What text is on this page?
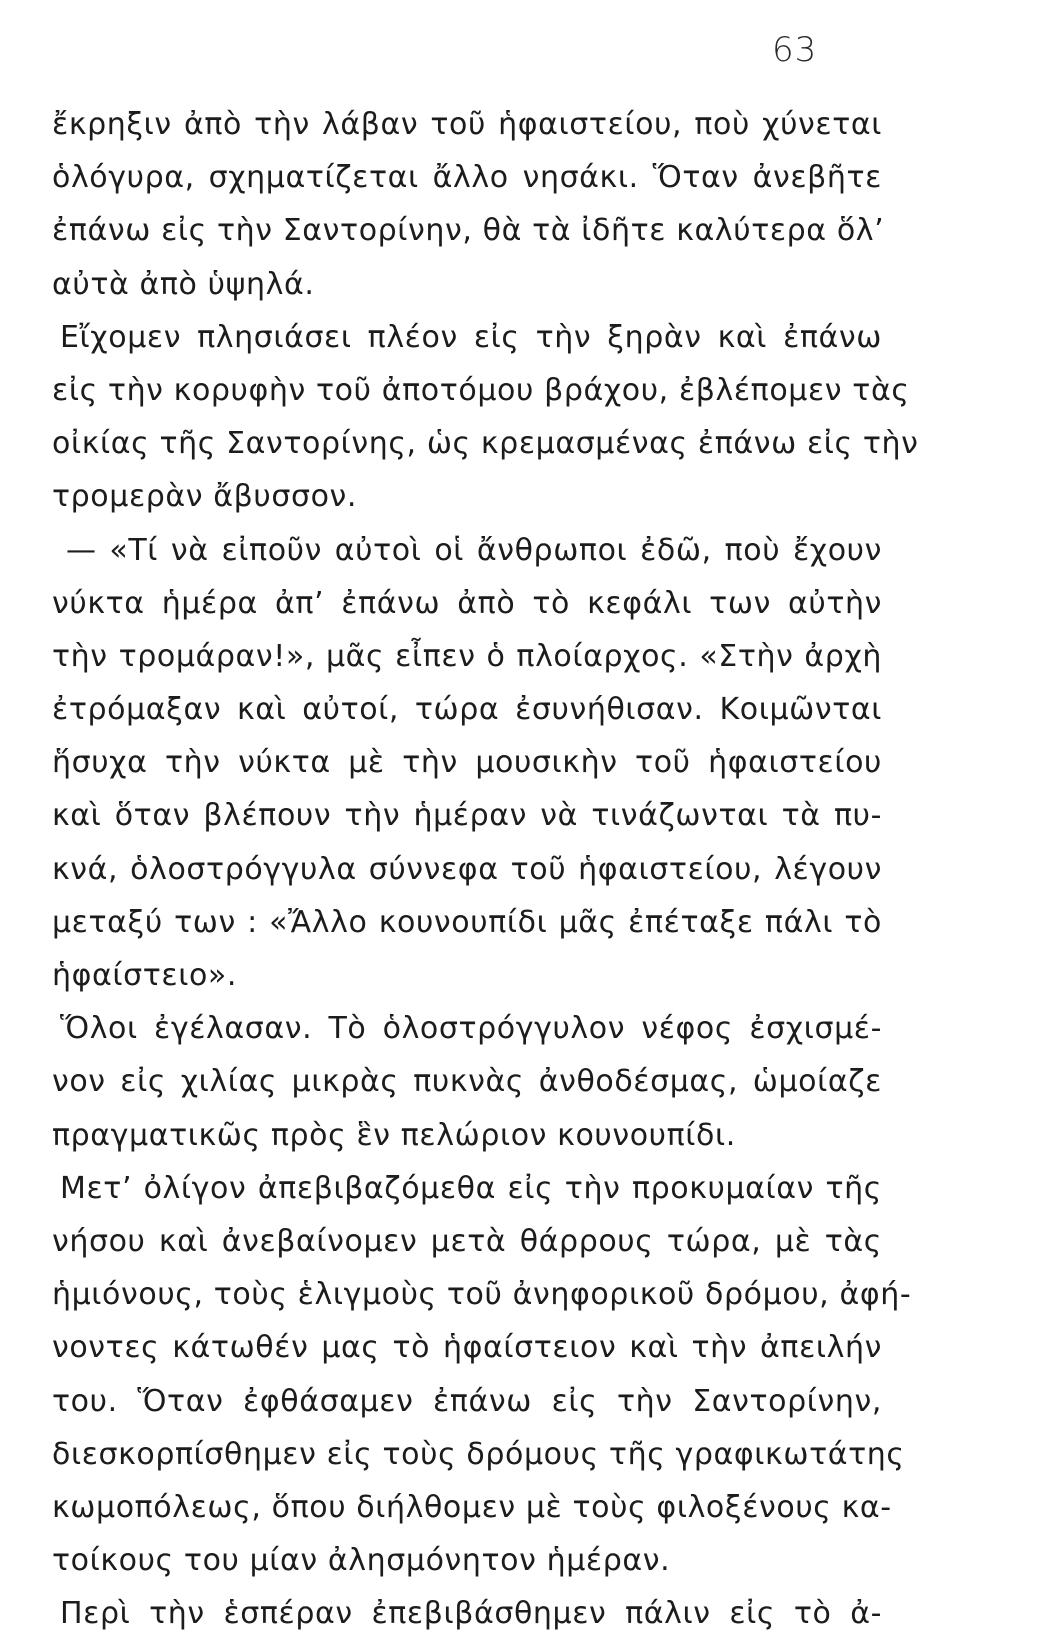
63
ἔκρηξιν ἀπὸ τὴν λάβαν τοῦ ἡφαιστείου, ποὺ χύνεται
ὁλόγυρα, σχηματίζεται ἄλλο νησάκι. Ὅταν ἀνεβῆτε
ἐπάνω εἰς τὴν Σαντορίνην, θὰ τὰ ἰδῆτε καλύτερα ὅλ’
αὐτὰ ἀπὸ ὑψηλά.
Εἴχομεν πλησιάσει πλέον εἰς τὴν ξηρὰν καὶ ἐπάνω
εἰς τὴν κορυφὴν τοῦ ἀποτόμου βράχου, ἐβλέπομεν τὰς
οἰκίας τῆς Σαντορίνης, ὡς κρεμασμένας ἐπάνω εἰς τὴν
τρομερὰν ἄβυσσον.
— «Τί νὰ εἰποῦν αὐτοὶ οἱ ἄνθρωποι ἐδῶ, ποὺ ἔχουν
νύκτα ἡμέρα ἀπ’ ἐπάνω ἀπὸ τὸ κεφάλι των αὐτὴν
τὴν τρομάραν!», μᾶς εἶπεν ὁ πλοίαρχος. «Στὴν ἀρχὴ
ἐτρόμαξαν καὶ αὐτοί, τώρα ἐσυνήθισαν. Κοιμῶνται
ἥσυχα τὴν νύκτα μὲ τὴν μουσικὴν τοῦ ἡφαιστείου
καὶ ὅταν βλέπουν τὴν ἡμέραν νὰ τινάζωνται τὰ πυ-
κνά, ὁλοστρόγγυλα σύννεφα τοῦ ἡφαιστείου, λέγουν
μεταξύ των : «Ἄλλο κουνουπίδι μᾶς ἐπέταξε πάλι τὸ
ἡφαίστειο».
Ὅλοι ἐγέλασαν. Τὸ ὁλοστρόγγυλον νέφος ἐσχισμέ-
νον εἰς χιλίας μικρὰς πυκνὰς ἀνθοδέσμας, ὡμοίαζε
πραγματικῶς πρὸς ἓν πελώριον κουνουπίδι.
Μετ’ ὀλίγον ἀπεβιβαζόμεθα εἰς τὴν προκυμαίαν τῆς
νήσου καὶ ἀνεβαίνομεν μετὰ θάρρους τώρα, μὲ τὰς
ἡμιόνους, τοὺς ἑλιγμοὺς τοῦ ἀνηφορικοῦ δρόμου, ἀφή-
νοντες κάτωθέν μας τὸ ἡφαίστειον καὶ τὴν ἀπειλήν
του. Ὅταν ἐφθάσαμεν ἐπάνω εἰς τὴν Σαντορίνην,
διεσκορπίσθημεν εἰς τοὺς δρόμους τῆς γραφικωτάτης
κωμοπόλεως, ὅπου διήλθομεν μὲ τοὺς φιλοξένους κα-
τοίκους του μίαν ἀλησμόνητον ἡμέραν.
Περὶ τὴν ἑσπέραν ἐπεβιβάσθημεν πάλιν εἰς τὸ ἀ-
